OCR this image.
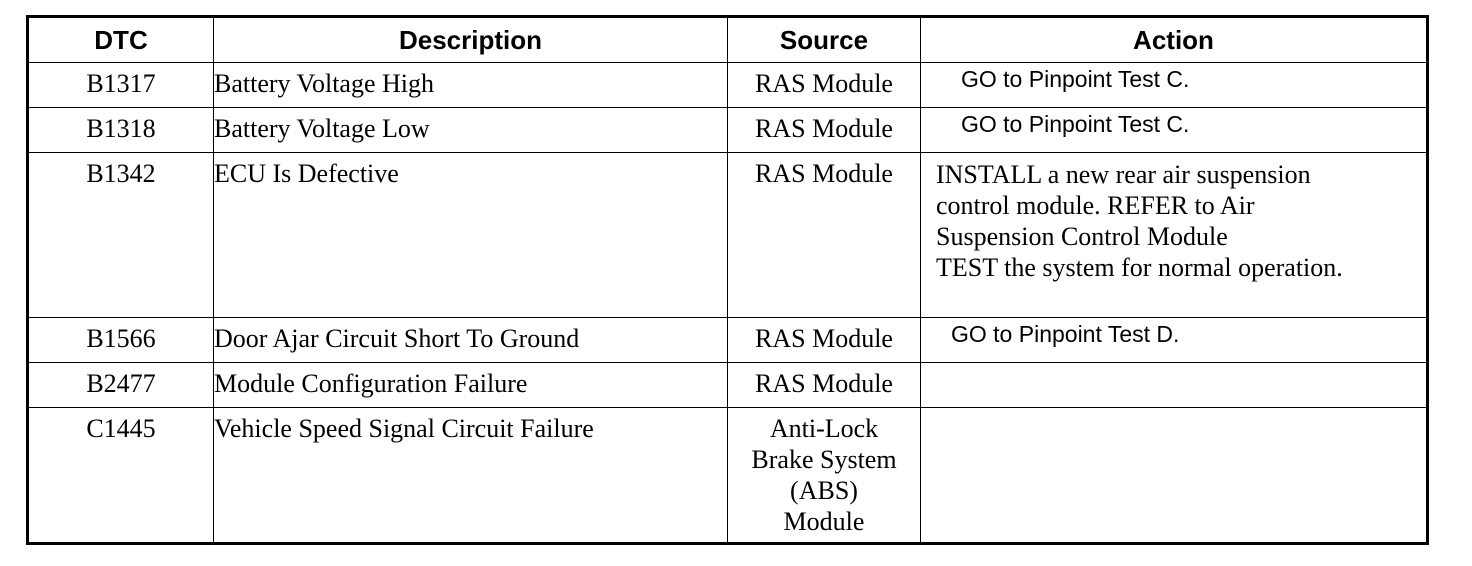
DTC	Description	Source	Action

B1317	Battery Voltage High	RAS Module	GO to Pinpoint Test C.

B1318	Battery Voltage Low	RAS Module	GO to Pinpoint Test C.

B1342	ECU Is Defective	RAS Module	INSTALL a new rear air suspension
control module. REFER to Air
Suspension Control Module
TEST the system for normal operation.

B1566	Door Ajar Circuit Short To Ground	RAS Module	GO to Pinpoint Test D.

B2477	Module Configuration Failure	RAS Module	

C1445	Vehicle Speed Signal Circuit Failure	Anti-Lock
Brake System
(ABS)
Module	
